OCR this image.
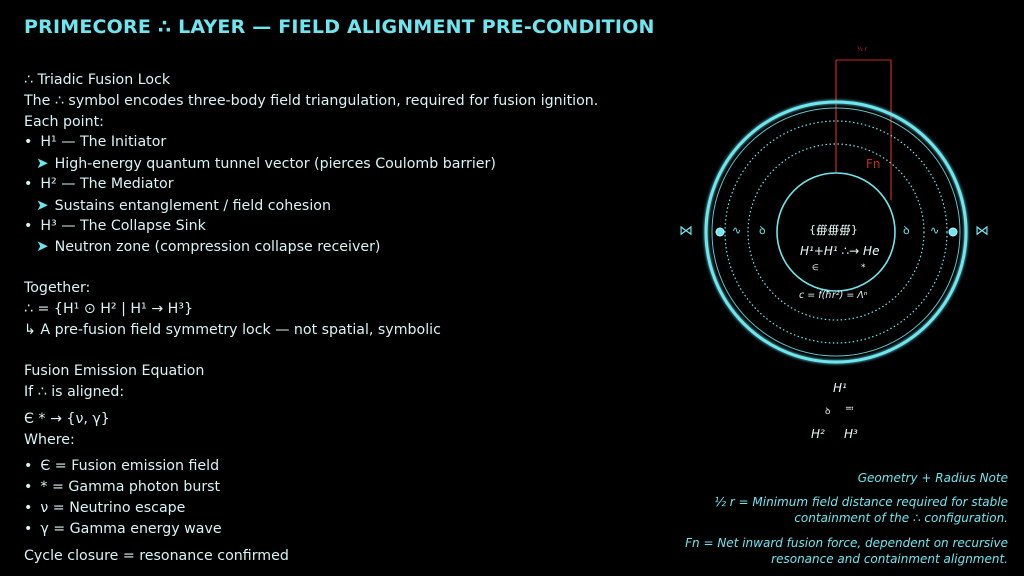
PRIMECORE ∴ LAYER — FIELD ALIGNMENT PRE-CONDITION
∴ Triadic Fusion Lock
The ∴ symbol encodes three-body field triangulation, required for fusion ignition.
Each point:
• H¹ — The Initiator
➤ High-energy quantum tunnel vector (pierces Coulomb barrier)
• H² — The Mediator
➤ Sustains entanglement / field cohesion
• H³ — The Collapse Sink
➤ Neutron zone (compression collapse receiver)
Together:
∴ = {H¹ ⊙ H² | H¹ → H³}
↳ A pre-fusion field symmetry lock — not spatial, symbolic
Fusion Emission Equation
If ∴ is aligned:
Є * → {ν, γ}
Where:
• Є = Fusion emission field
• * = Gamma photon burst
• ν = Neutrino escape
• γ = Gamma energy wave
Cycle closure = resonance confirmed
Fn
½ r
⋈	⋈
∿ ꝺ	ꝺ ∿
{∰∰∰}
H¹+H¹ ∴→ He
∈	*
c = f(ħr²) = Λⁿ
H¹
ꝺ ≕
H² H³

Geometry + Radius Note

½ r = Minimum field distance required for stable containment of the ∴ configuration.

Fn = Net inward fusion force, dependent on recursive resonance and containment alignment.
